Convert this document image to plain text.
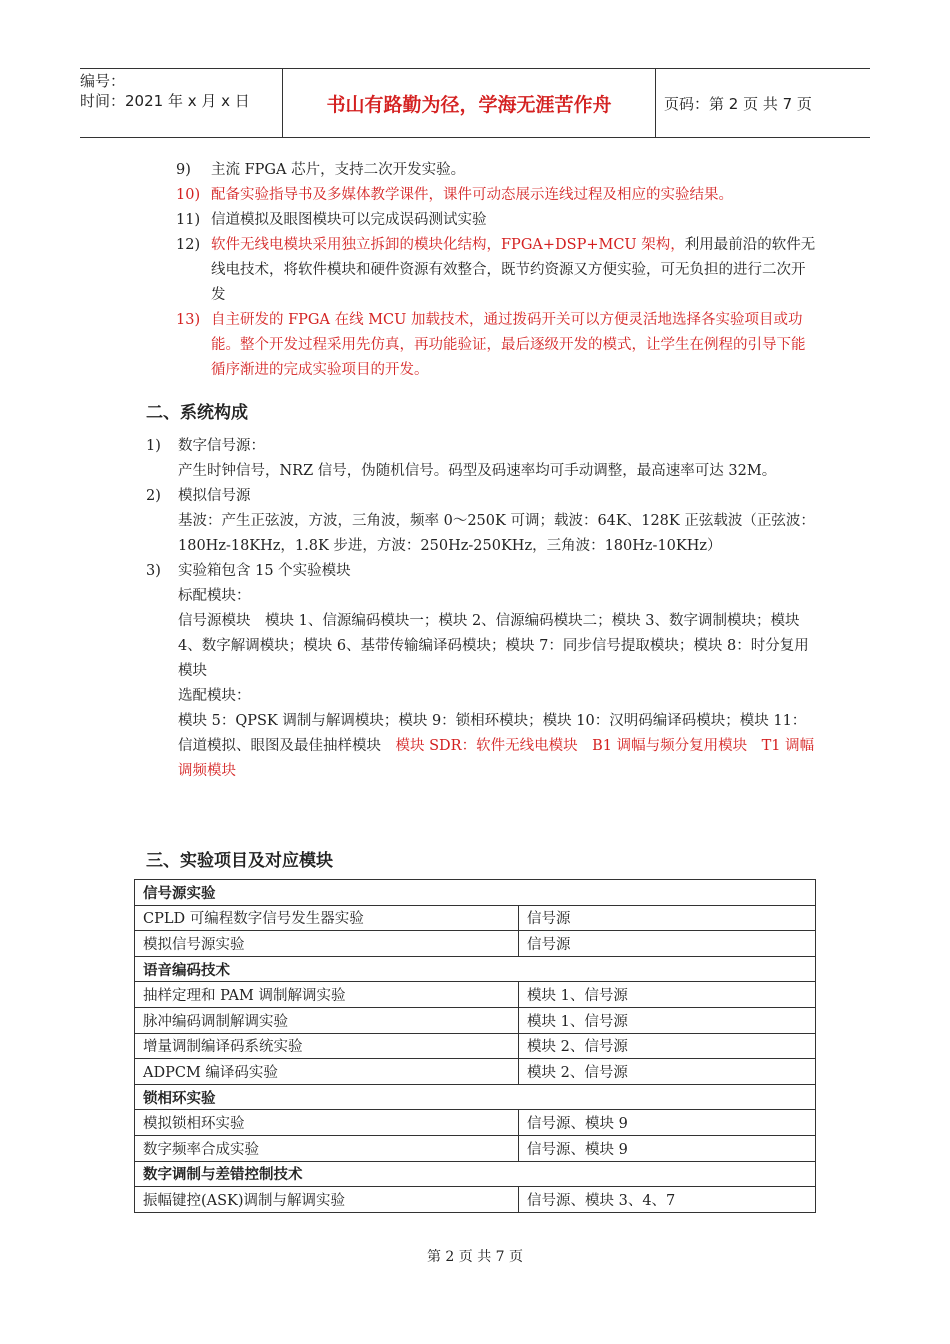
编号：
时间：2021 年 x 月 x 日	书山有路勤为径，学海无涯苦作舟	页码：第 2 页 共 7 页
9)	主流 FPGA 芯片，支持二次开发实验。
10) 配备实验指导书及多媒体教学课件，课件可动态展示连线过程及相应的实验结果。
11) 信道模拟及眼图模块可以完成误码测试实验
12) 软件无线电模块采用独立拆卸的模块化结构，FPGA+DSP+MCU 架构，利用最前沿的软件无线电技术，将软件模块和硬件资源有效整合，既节约资源又方便实验，可无负担的进行二次开发
13) 自主研发的 FPGA 在线 MCU 加载技术，通过拨码开关可以方便灵活地选择各实验项目或功能。整个开发过程采用先仿真，再功能验证，最后逐级开发的模式，让学生在例程的引导下能循序渐进的完成实验项目的开发。
二、系统构成
1)	数字信号源：
产生时钟信号，NRZ 信号，伪随机信号。码型及码速率均可手动调整，最高速率可达 32M。
2)	模拟信号源
基波：产生正弦波，方波，三角波，频率 0～250K 可调；载波：64K、128K 正弦载波（正弦波：180Hz-18KHz，1.8K 步进，方波：250Hz-250KHz，三角波：180Hz-10KHz）
3)	实验箱包含 15 个实验模块
标配模块：
信号源模块　模块 1、信源编码模块一；模块 2、信源编码模块二；模块 3、数字调制模块；模块 4、数字解调模块；模块 6、基带传输编译码模块；模块 7：同步信号提取模块；模块 8：时分复用模块
选配模块：
模块 5：QPSK 调制与解调模块；模块 9：锁相环模块；模块 10：汉明码编译码模块；模块 11：信道模拟、眼图及最佳抽样模块　模块 SDR：软件无线电模块　B1 调幅与频分复用模块　T1 调幅调频模块
三、实验项目及对应模块
信号源实验	
CPLD 可编程数字信号发生器实验	信号源
模拟信号源实验	信号源
语音编码技术	
抽样定理和 PAM 调制解调实验	模块 1、信号源
脉冲编码调制解调实验	模块 1、信号源
增量调制编译码系统实验	模块 2、信号源
ADPCM 编译码实验	模块 2、信号源
锁相环实验	
模拟锁相环实验	信号源、模块 9
数字频率合成实验	信号源、模块 9
数字调制与差错控制技术	
振幅键控(ASK)调制与解调实验	信号源、模块 3、4、7
第 2 页 共 7 页
